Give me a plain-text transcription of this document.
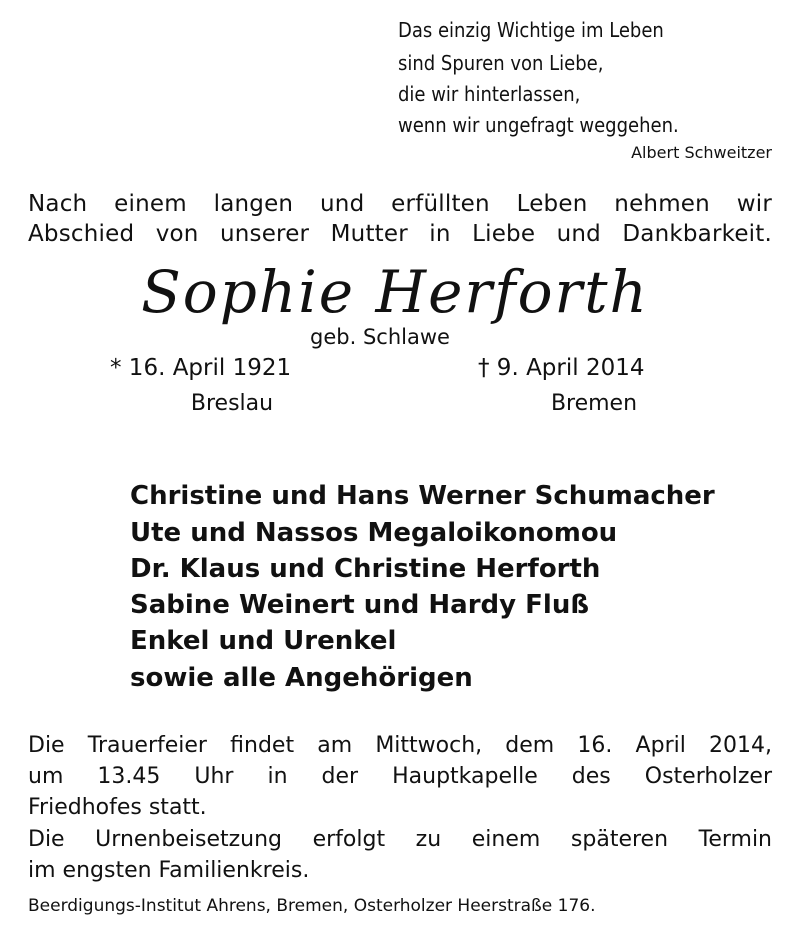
Das einzig Wichtige im Leben

sind Spuren von Liebe,

die wir hinterlassen,

wenn wir ungefragt weggehen.

Albert Schweitzer

Nach einem langen und erfüllten Leben nehmen wir

Abschied von unserer Mutter in Liebe und Dankbarkeit.

Sophie Herforth

geb. Schlawe

* 16. April 1921	† 9. April 2014

Breslau	Bremen

Christine und Hans Werner Schumacher

Ute und Nassos Megaloikonomou

Dr. Klaus und Christine Herforth

Sabine Weinert und Hardy Fluß

Enkel und Urenkel

sowie alle Angehörigen

Die Trauerfeier findet am Mittwoch, dem 16. April 2014,

um 13.45 Uhr in der Hauptkapelle des Osterholzer

Friedhofes statt.

Die Urnenbeisetzung erfolgt zu einem späteren Termin

im engsten Familienkreis.

Beerdigungs-Institut Ahrens, Bremen, Osterholzer Heerstraße 176.
